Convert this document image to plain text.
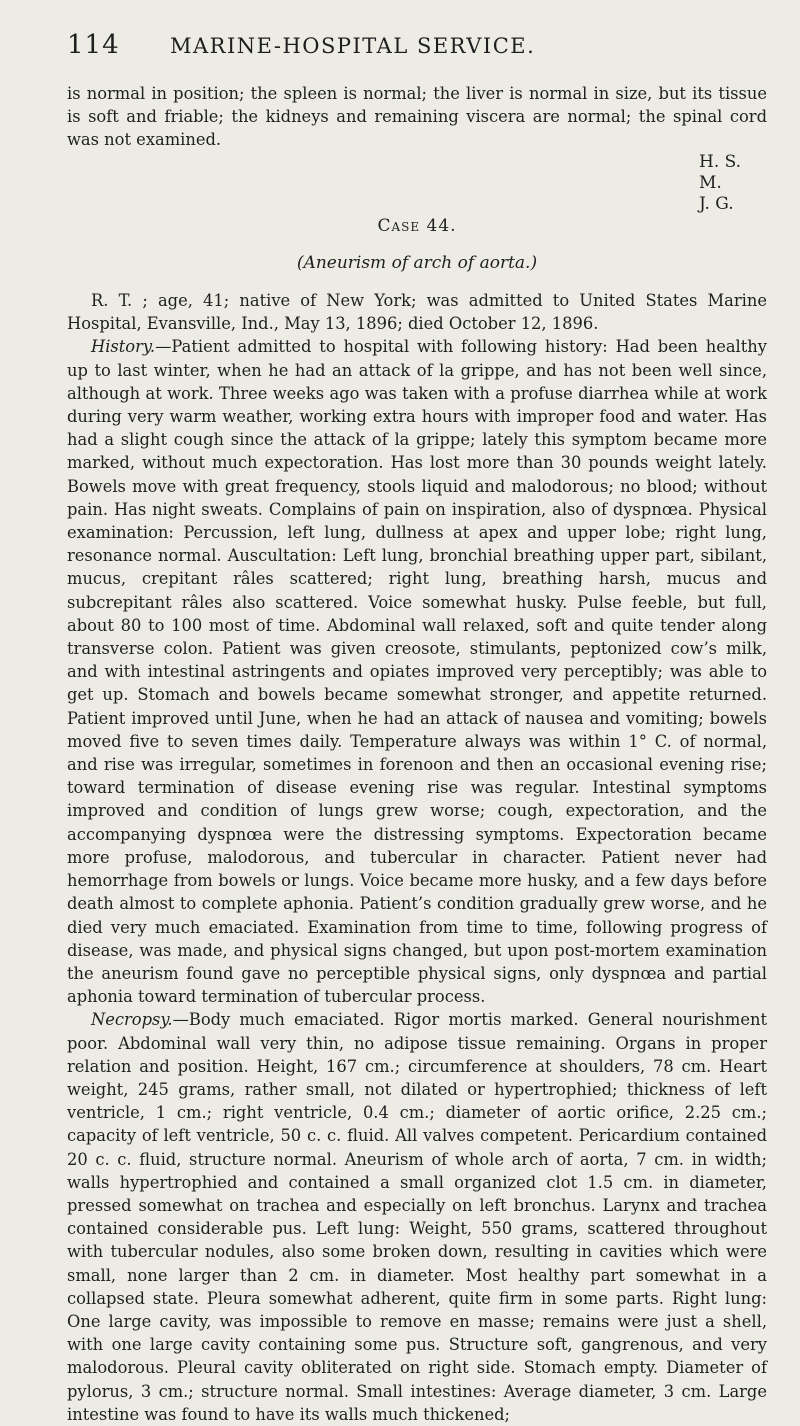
114 MARINE-HOSPITAL SERVICE.

is normal in position; the spleen is normal; the liver is normal in size, but its tissue is soft and friable; the kidneys and remaining viscera are normal; the spinal cord was not examined.

H. S. M.
J. G.
Case 44.
(Aneurism of arch of aorta.)

R. T. ; age, 41; native of New York; was admitted to United States Marine Hospital, Evansville, Ind., May 13, 1896; died October 12, 1896.

History.—Patient admitted to hospital with following history: Had been healthy up to last winter, when he had an attack of la grippe, and has not been well since, although at work. Three weeks ago was taken with a profuse diarrhea while at work during very warm weather, working extra hours with improper food and water. Has had a slight cough since the attack of la grippe; lately this symptom became more marked, without much expectoration. Has lost more than 30 pounds weight lately. Bowels move with great frequency, stools liquid and malodorous; no blood; without pain. Has night sweats. Complains of pain on inspiration, also of dyspnœa. Physical examination: Percussion, left lung, dullness at apex and upper lobe; right lung, resonance normal. Auscultation: Left lung, bronchial breathing upper part, sibilant, mucus, crepitant râles scattered; right lung, breathing harsh, mucus and subcrepitant râles also scattered. Voice somewhat husky. Pulse feeble, but full, about 80 to 100 most of time. Abdominal wall relaxed, soft and quite tender along transverse colon. Patient was given creosote, stimulants, peptonized cow’s milk, and with intestinal astringents and opiates improved very perceptibly; was able to get up. Stomach and bowels became somewhat stronger, and appetite returned. Patient improved until June, when he had an attack of nausea and vomiting; bowels moved five to seven times daily. Temperature always was within 1° C. of normal, and rise was irregular, sometimes in forenoon and then an occasional evening rise; toward termination of disease evening rise was regular. Intestinal symptoms improved and condition of lungs grew worse; cough, expectoration, and the accompanying dyspnœa were the distressing symptoms. Expectoration became more profuse, malodorous, and tubercular in character. Patient never had hemorrhage from bowels or lungs. Voice became more husky, and a few days before death almost to complete aphonia. Patient’s condition gradually grew worse, and he died very much emaciated. Examination from time to time, following progress of disease, was made, and physical signs changed, but upon post-mortem examination the aneurism found gave no perceptible physical signs, only dyspnœa and partial aphonia toward termination of tubercular process.

Necropsy.—Body much emaciated. Rigor mortis marked. General nourishment poor. Abdominal wall very thin, no adipose tissue remaining. Organs in proper relation and position. Height, 167 cm.; circumference at shoulders, 78 cm. Heart weight, 245 grams, rather small, not dilated or hypertrophied; thickness of left ventricle, 1 cm.; right ventricle, 0.4 cm.; diameter of aortic orifice, 2.25 cm.; capacity of left ventricle, 50 c. c. fluid. All valves competent. Pericardium contained 20 c. c. fluid, structure normal. Aneurism of whole arch of aorta, 7 cm. in width; walls hypertrophied and contained a small organized clot 1.5 cm. in diameter, pressed somewhat on trachea and especially on left bronchus. Larynx and trachea contained considerable pus. Left lung: Weight, 550 grams, scattered throughout with tubercular nodules, also some broken down, resulting in cavities which were small, none larger than 2 cm. in diameter. Most healthy part somewhat in a collapsed state. Pleura somewhat adherent, quite firm in some parts. Right lung: One large cavity, was impossible to remove en masse; remains were just a shell, with one large cavity containing some pus. Structure soft, gangrenous, and very malodorous. Pleural cavity obliterated on right side. Stomach empty. Diameter of pylorus, 3 cm.; structure normal. Small intestines: Average diameter, 3 cm. Large intestine was found to have its walls much thickened;
